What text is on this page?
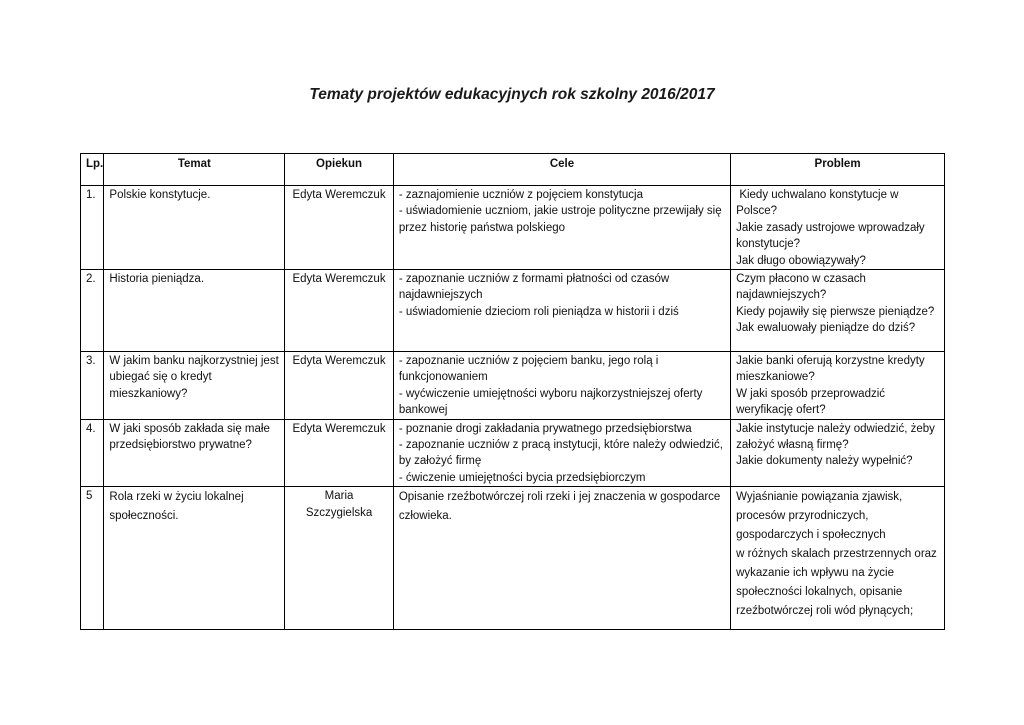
Tematy projektów edukacyjnych rok szkolny 2016/2017
Lp.	Temat	Opiekun	Cele	Problem
1.	Polskie konstytucje.	Edyta Weremczuk	- zaznajomienie uczniów z pojęciem konstytucja
- uświadomienie uczniom, jakie ustroje polityczne przewijały się przez historię państwa polskiego	Kiedy uchwalano konstytucje w Polsce?
Jakie zasady ustrojowe wprowadzały konstytucje?
Jak długo obowiązywały?

2.	Historia pieniądza.	Edyta Weremczuk	- zapoznanie uczniów z formami płatności od czasów najdawniejszych
- uświadomienie dzieciom roli pieniądza w historii i dziś	Czym płacono w czasach najdawniejszych?
Kiedy pojawiły się pierwsze pieniądze?
Jak ewaluowały pieniądze do dziś?

3.	W jakim banku najkorzystniej jest ubiegać się o kredyt mieszkaniowy?	Edyta Weremczuk	- zapoznanie uczniów z pojęciem banku, jego rolą i funkcjonowaniem
- wyćwiczenie umiejętności wyboru najkorzystniejszej oferty bankowej	Jakie banki oferują korzystne kredyty mieszkaniowe?
W jaki sposób przeprowadzić weryfikację ofert?

4.	W jaki sposób zakłada się małe przedsiębiorstwo prywatne?	Edyta Weremczuk	- poznanie drogi zakładania prywatnego przedsiębiorstwa
- zapoznanie uczniów z pracą instytucji, które należy odwiedzić, by założyć firmę
- ćwiczenie umiejętności bycia przedsiębiorczym	Jakie instytucje należy odwiedzić, żeby założyć własną firmę?
Jakie dokumenty należy wypełnić?

5	Rola rzeki w życiu lokalnej społeczności.	Maria Szczygielska	Opisanie rzeźbotwórczej roli rzeki i jej znaczenia w gospodarce człowieka.	Wyjaśnianie powiązania zjawisk, procesów przyrodniczych, gospodarczych i społecznych
w różnych skalach przestrzennych oraz wykazanie ich wpływu na życie społeczności lokalnych, opisanie rzeźbotwórczej roli wód płynących;
